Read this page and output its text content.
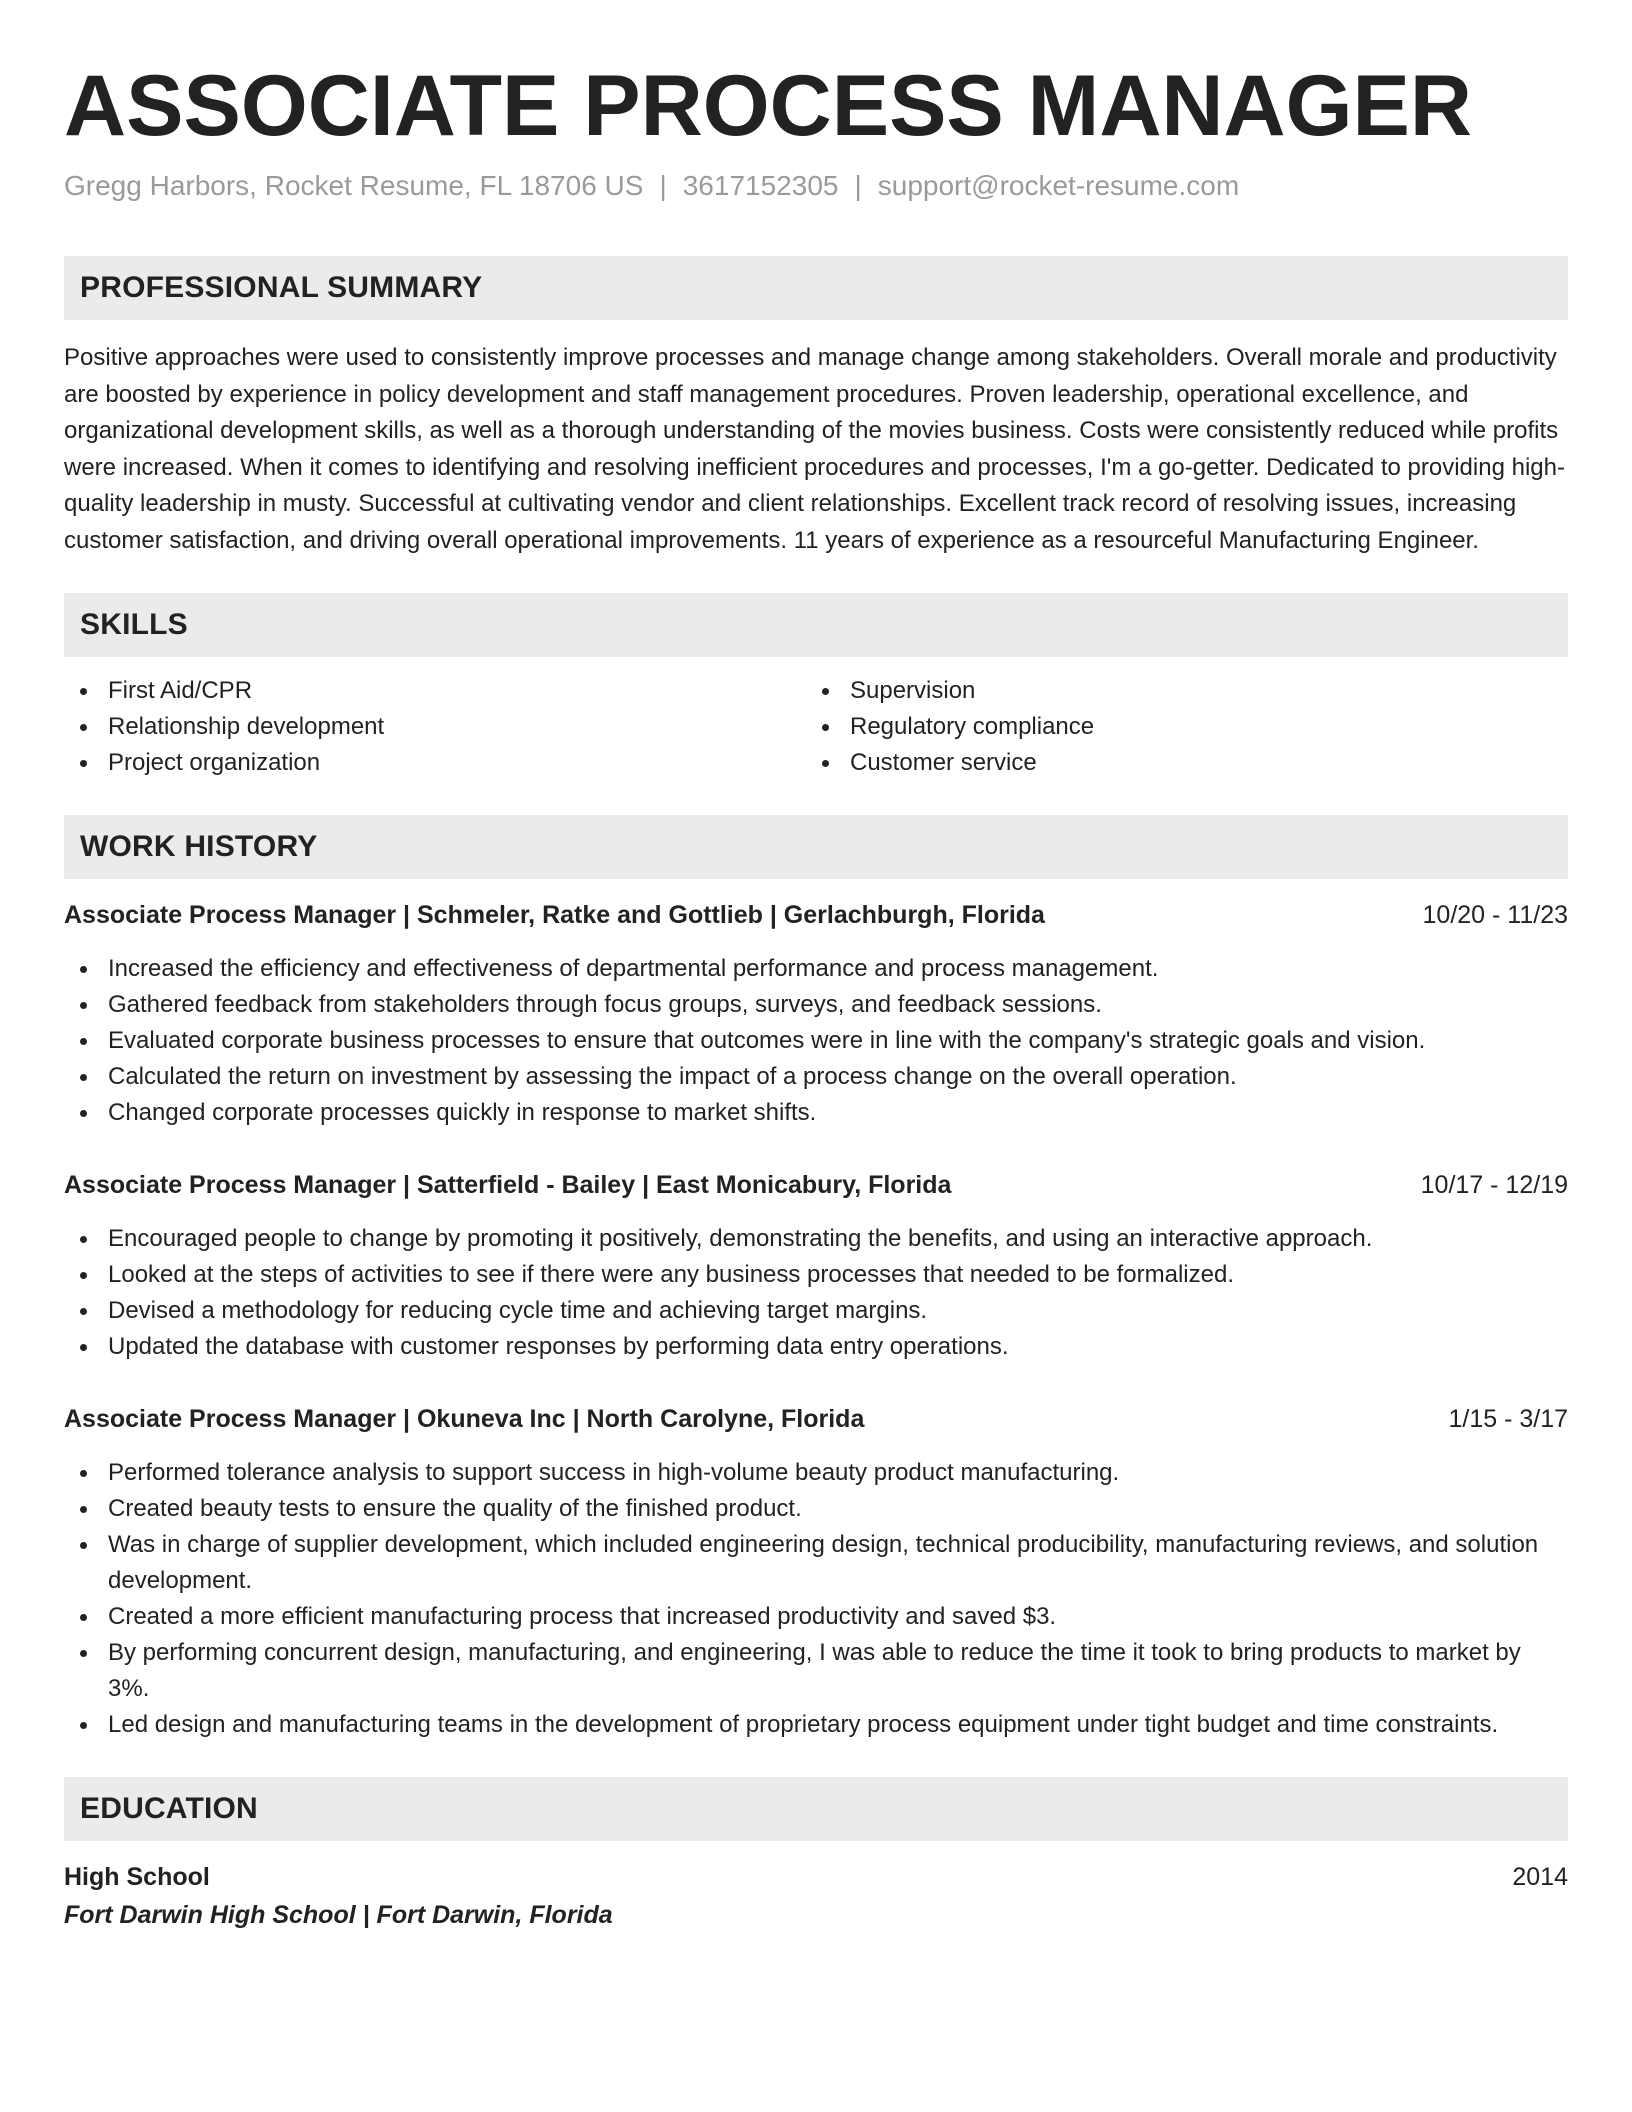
ASSOCIATE PROCESS MANAGER
Gregg Harbors, Rocket Resume, FL 18706 US | 3617152305 | support@rocket-resume.com
PROFESSIONAL SUMMARY

Positive approaches were used to consistently improve processes and manage change among stakeholders. Overall morale and productivity are boosted by experience in policy development and staff management procedures. Proven leadership, operational excellence, and organizational development skills, as well as a thorough understanding of the movies business. Costs were consistently reduced while profits were increased. When it comes to identifying and resolving inefficient procedures and processes, I'm a go-getter. Dedicated to providing high-quality leadership in musty. Successful at cultivating vendor and client relationships. Excellent track record of resolving issues, increasing customer satisfaction, and driving overall operational improvements. 11 years of experience as a resourceful Manufacturing Engineer.

SKILLS
First Aid/CPR
Relationship development
Project organization
Supervision
Regulatory compliance
Customer service
WORK HISTORY
Associate Process Manager | Schmeler, Ratke and Gottlieb | Gerlachburgh, Florida	10/20 - 11/23
Increased the efficiency and effectiveness of departmental performance and process management.
Gathered feedback from stakeholders through focus groups, surveys, and feedback sessions.
Evaluated corporate business processes to ensure that outcomes were in line with the company's strategic goals and vision.
Calculated the return on investment by assessing the impact of a process change on the overall operation.
Changed corporate processes quickly in response to market shifts.
Associate Process Manager | Satterfield - Bailey | East Monicabury, Florida	10/17 - 12/19
Encouraged people to change by promoting it positively, demonstrating the benefits, and using an interactive approach.
Looked at the steps of activities to see if there were any business processes that needed to be formalized.
Devised a methodology for reducing cycle time and achieving target margins.
Updated the database with customer responses by performing data entry operations.
Associate Process Manager | Okuneva Inc | North Carolyne, Florida	1/15 - 3/17
Performed tolerance analysis to support success in high-volume beauty product manufacturing.
Created beauty tests to ensure the quality of the finished product.
Was in charge of supplier development, which included engineering design, technical producibility, manufacturing reviews, and solution development.
Created a more efficient manufacturing process that increased productivity and saved $3.
By performing concurrent design, manufacturing, and engineering, I was able to reduce the time it took to bring products to market by 3%.
Led design and manufacturing teams in the development of proprietary process equipment under tight budget and time constraints.
EDUCATION
High School	2014
Fort Darwin High School | Fort Darwin, Florida
